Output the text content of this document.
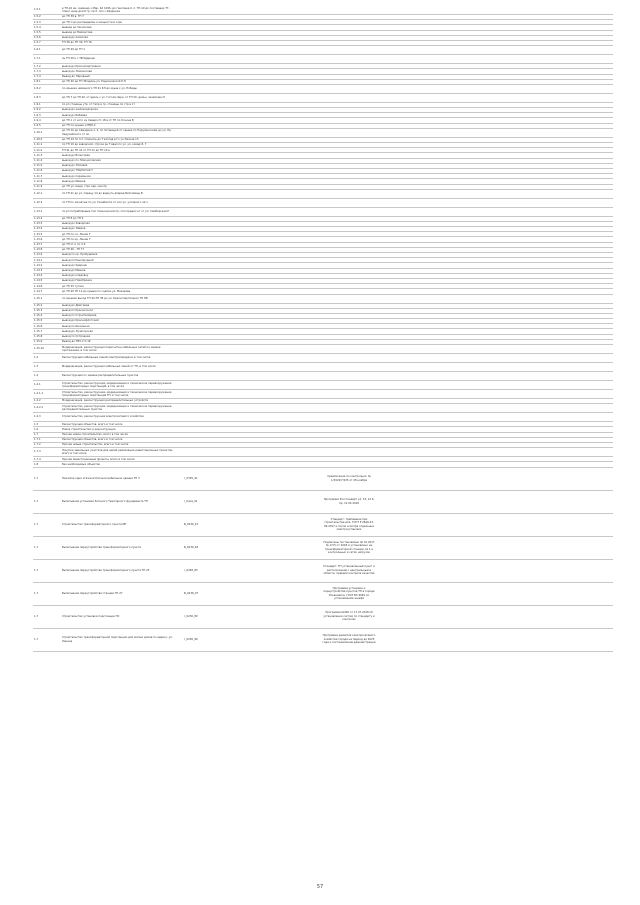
1.5.1	в ТП-10 кв. семинар-ч Мар. Кл 1006, до генплана б. п. ТП-10 до поставщик ТГ-плинг ннер для б гр. пр б. пол с-Ударника												
1.5.2	до ТП 38 в. ТП 7												
1.5.3	до ТП Ч до распределен и мощности в ссрв												
1.5.4	вываод до Чеснокова												
1.5.5	вываод до Мамонтова												
1.5.6	вывод до Азовская												
1.5.7	ТП 38 до ТП 39, ТП 76												
1.6.1	до ТП 49 до ТП 1												
1.7.1	ль ТП 40 и с ТВ-Ударник												
1.7.2	вывод до Краснопартизанск												
1.7.3	вывод до Ломоносова												
1.7.4	Вывод до Народный												
1.8.1	до ТП 40 до ТП 38 вдоль ул. Родионовской Р-Н												
1.8.2	по крышке немецкого ТП 41 КЛ до крыш к ул. Победы												
1.8.3	до ТП 7 до ТП 20, от вдоль с ул. Гоголя-Черн, от ТП 20, дальн. заземлено Р												
1.9.1	по рп станицы утр. от тепр в гр. станицы по стр в хт												
1.9.2	вывод до железнодорожн												
1.9.3	вывод до Бабаева												
1.9.4	до ТП 1 от кого ну Северо-Н. 18 в от ТП по Кочина В												
1.9.5	до ТП по крыше и ПВЛ-2												
1.10.1	до ТП 10 до Самарина 1, 2, по питающей от крыша по Нарулинскими до ул. Пр. Задунайского от оп.												
1.10.2	до ТП 19 по тот отвечать до Т взгляд в Го ул.Лесная 13												
1.11.1	по ТП 10 до заводской. строча рн Т ввел по ул. ул. номер 8, 7												
1.11.2	ТП 41 до ТП 41 от ТП 12 до ТП 10 в												
1.11.3	вывод до Вольтовая												
1.11.4	вывод до по Ломоносовская												
1.11.5	вывод до Ломовая												
1.11.6	вывод до ТЭЦ(Литий Т												
1.11.7	вывод до перемычка												
1.11.8	вывод до Иванов												
1.11.9	до ТП ул. меди. стро нар. нан пр												
1.12.1	по ТП 41 до ул. Сарацу 14 до вернуть вперед Визговицы В												
1.12.2	по ТП по заснятые по ул. Ученбюлол от кол ул. условного 14 о												
1.13.1	по рп потребляемые пол техническим пр- пол предел нт от ул. Симбирская Р												
1.13.2	до ТП 8 до ТП 9												
1.13.3	вывод до Заводская												
1.13.4	вывод до Лавров												
1.13.5	до ТП по сн. Линии Т												
1.13.6	до ТП по кр. Линии Т												
1.13.7	до ТП от и по 3-5												
1.13.8	до ТП 46 - ТП 77												
1.13.9	вывод по кр. Пробудимия												
1.14.1	вывод по Ренопродной												
1.14.2	вывод до Ударник												
1.14.3	вывод до Иванов												
1.14.4	вывод до кладовку												
1.14.5	вывод до Новобрянка												
1.14.6	до ТП 35 тугоно												
1.14.7	до ТП 40 ТП 12 до крыша по сцепки ул. Макарова												
1.15.1	по крышке выход ТП 40-ТП 38 до ул. Краснопартизанск ТП ПБ												
1.15.2	вывод до Дмитриев												
1.15.3	вывод по Краснооскол												
1.15.4	вывод по Строителярова												
1.15.5	вывод до Краснофлотский												
1.15.6	вывод по Школьная												
1.15.7	вывод до Лучегорская												
1.15.8	вывод по Островная												
1.15.9	Вывод до ТВЗ отп 16												
1.15.10	Модернизация, реконструкция пересчитан кабельных сетей по замене протяжения, в том числе												
1.2	Реконструкция кабельных линий электропередачи, в том числе												
1.3	Модернизация, реконструкция кабельных линий от ТП, в том числе												
1.4	Реконструкция по замене распределительных пунктов												
1.4.1	Строительство, реконструкция, модернизация и техническое перевооружение трансформаторных подстанций, в том числе												
1.4.1.1	Строительство, реконструкция, модернизация и техническое перевооружение трансформаторных подстанций ТП, в том числе												
1.4.2	Модернизация, реконструкция распределительных устройств												
1.4.2.1	Строительство, реконструкция, модернизация и техническое перевооружение распределительных пунктов												
1.4.3	Строительство, реконструкция электросетевого хозяйства												
1.5	Реконструкция объектов, всего в том числе												
1.6	Новое строительство и реконструкция												
1.7	Прочее новое строительство, всего в том числе												
1.7.1	Реконструкция объектов, всего в том числе												
1.7.2	Прочие новые строительство, всего в том числе												
1.7.3	Покупка земельных участков для целей реализации инвестиционных проектов, всего в том числе												
1.7.4	Прочие инвестиционные проекты, всего в том числе												
1.8	Без необходимых объектов												
1.7	Нежилое одно этажное блочное мобильное здание ТП 3	I_0335_91				предписание по контрольно: № 1/3/0/4/7/235 от 28 ноября							
1.7	Выполнение установки блочного Трехгарного фундамента ТП	I_Каза_91				Программа Росстандарт ул. 33, 12 б. пр. 12 04 2018							
1.7	Строительство трансформаторного пункта ИП	N_0236_67				Стандарт: требования при строительстве для, ГОСТ Р 2640-23, 09-2017 и после осмотра отдельных электроустановок							
1.7	Выполнение переустройства трансформаторного пункта	N_0236_65				Подписаны постановлени об 01.2017 № 17с5 от 2018 и установлено на трансформаторной станции, № 1 и контрольных и сетях нагрузок							
1.7	Выполнение переустройства трансформаторного пункта ТП 23	I_0248_85				Стандарт: ТП установленный пункт и расположения с центральным в области, правила контроля качества							
1.7	Выполнение переустройства станции ТП 27	N_0236_07				Программа установки и переустройства пунктов ТП в городе Ульяновска, ГОСТ ВС 9049 по установлению шкафа							
1.7	Строительство установки подстанции ПС	I_0236_89				Программа №456 от 17.07.2018 об установлении систем по стандарту и контролю							
1.7	Строительство трансформаторной подстанции для жилых домов по адресу: ул. Ленина	I_0236_96				Программа развития электросетевого хозяйства города на период до 2025 года и постановление администрации							
57
